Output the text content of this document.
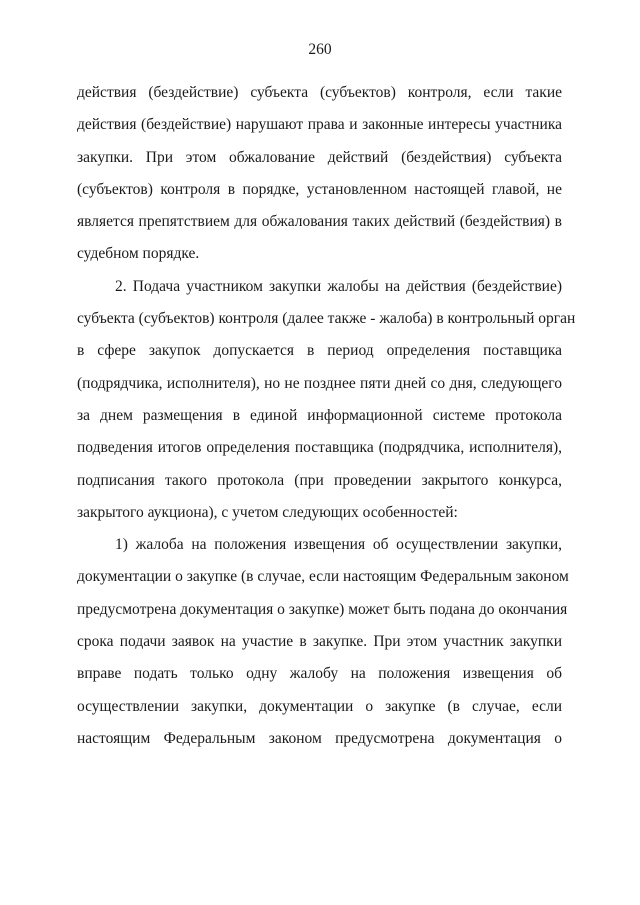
260
действия (бездействие) субъекта (субъектов) контроля, если такие
действия (бездействие) нарушают права и законные интересы участника
закупки. При этом обжалование действий (бездействия) субъекта
(субъектов) контроля в порядке, установленном настоящей главой, не
является препятствием для обжалования таких действий (бездействия) в
судебном порядке.
2. Подача участником закупки жалобы на действия (бездействие)
субъекта (субъектов) контроля (далее также - жалоба) в контрольный орган
в сфере закупок допускается в период определения поставщика
(подрядчика, исполнителя), но не позднее пяти дней со дня, следующего
за днем размещения в единой информационной системе протокола
подведения итогов определения поставщика (подрядчика, исполнителя),
подписания такого протокола (при проведении закрытого конкурса,
закрытого аукциона), с учетом следующих особенностей:
1) жалоба на положения извещения об осуществлении закупки,
документации о закупке (в случае, если настоящим Федеральным законом
предусмотрена документация о закупке) может быть подана до окончания
срока подачи заявок на участие в закупке. При этом участник закупки
вправе подать только одну жалобу на положения извещения об
осуществлении закупки, документации о закупке (в случае, если
настоящим Федеральным законом предусмотрена документация о
